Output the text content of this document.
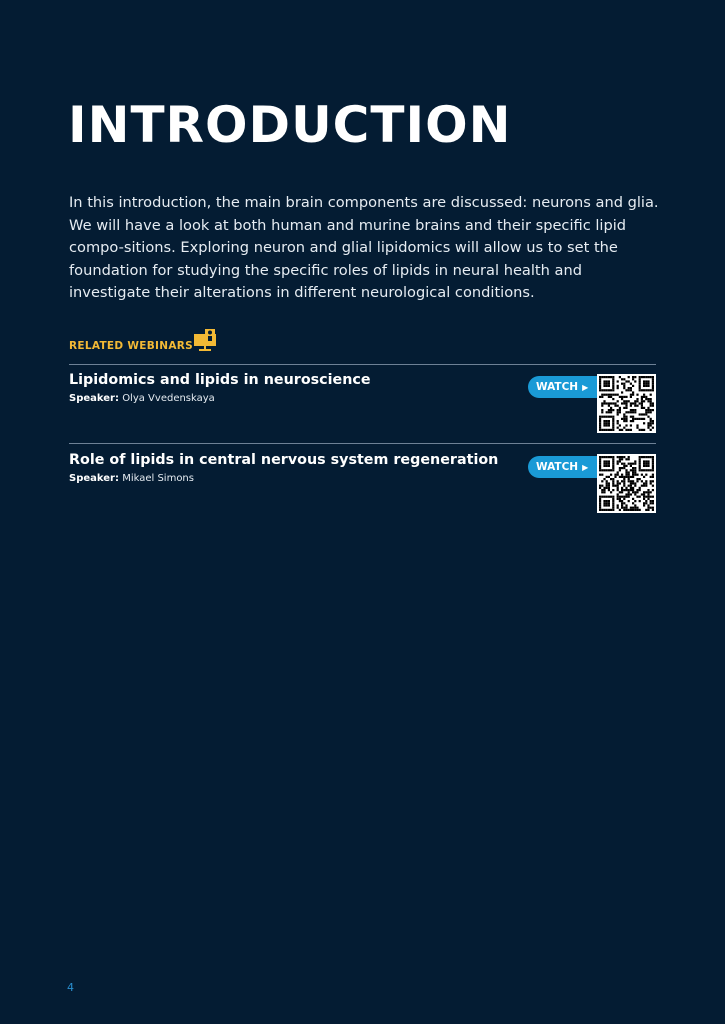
INTRODUCTION

In this introduction, the main brain components are discussed: neurons and glia. We will have a look at both human and murine brains and their specific lipid compo-sitions. Exploring neuron and glial lipidomics will allow us to set the foundation for studying the specific roles of lipids in neural health and investigate their alterations in different neurological conditions.

RELATED WEBINARS
Lipidomics and lipids in neuroscience
Speaker: Olya Vvedenskaya
WATCH ▶
Role of lipids in central nervous system regeneration
Speaker: Mikael Simons
WATCH ▶
4
